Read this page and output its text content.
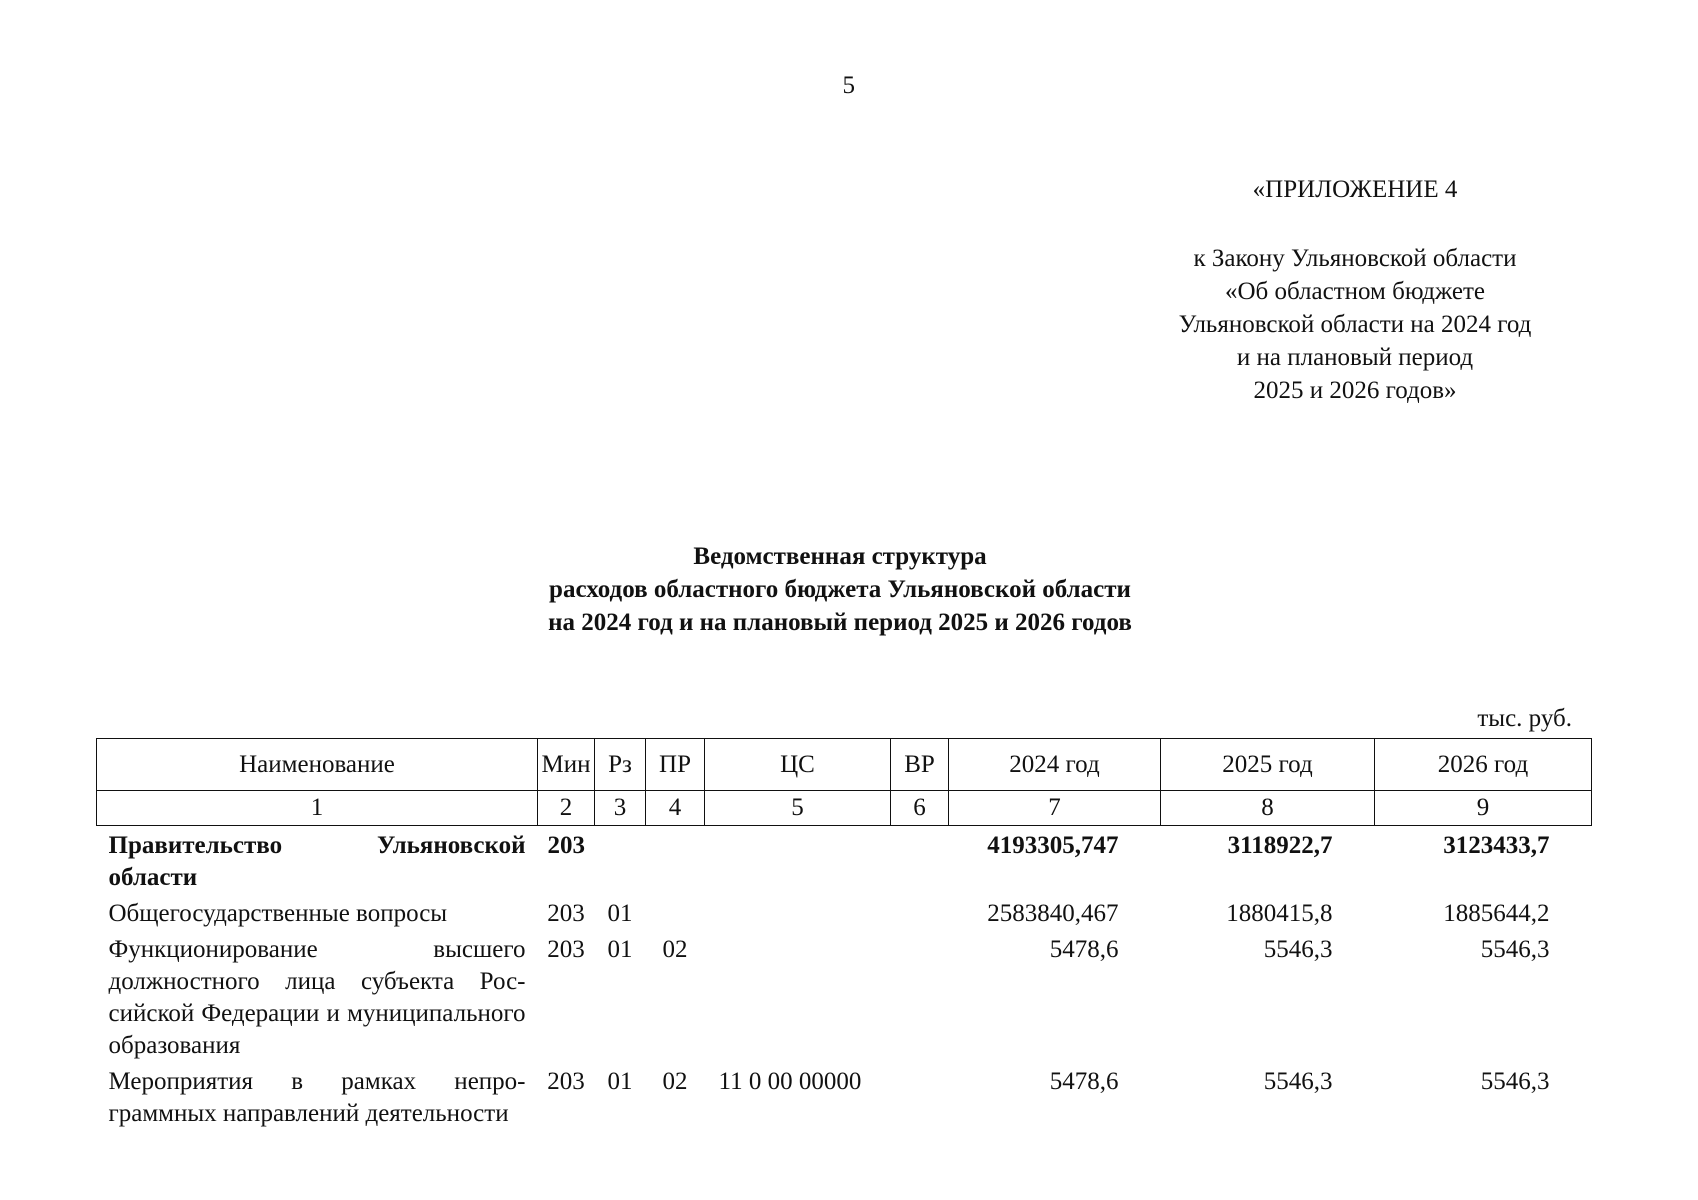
5
«ПРИЛОЖЕНИЕ 4
к Закону Ульяновской области
«Об областном бюджете
Ульяновской области на 2024 год
и на плановый период
2025 и 2026 годов»
Ведомственная структура
расходов областного бюджета Ульяновской области
на 2024 год и на плановый период 2025 и 2026 годов
тыс. руб.
Наименование	Мин	Рз	ПР	ЦС	ВР	2024 год	2025 год	2026 год
1	2	3	4	5	6	7	8	9
Правительство Ульяновской области	203					4193305,747	3118922,7	3123433,7
Общегосударственные вопросы	203	01				2583840,467	1880415,8	1885644,2
Функционирование высшего должностного лица субъекта Российской Федерации и муниципального образования	203	01	02			5478,6	5546,3	5546,3
Мероприятия в рамках непрограммных направлений деятельности	203	01	02	11 0 00 00000		5478,6	5546,3	5546,3
